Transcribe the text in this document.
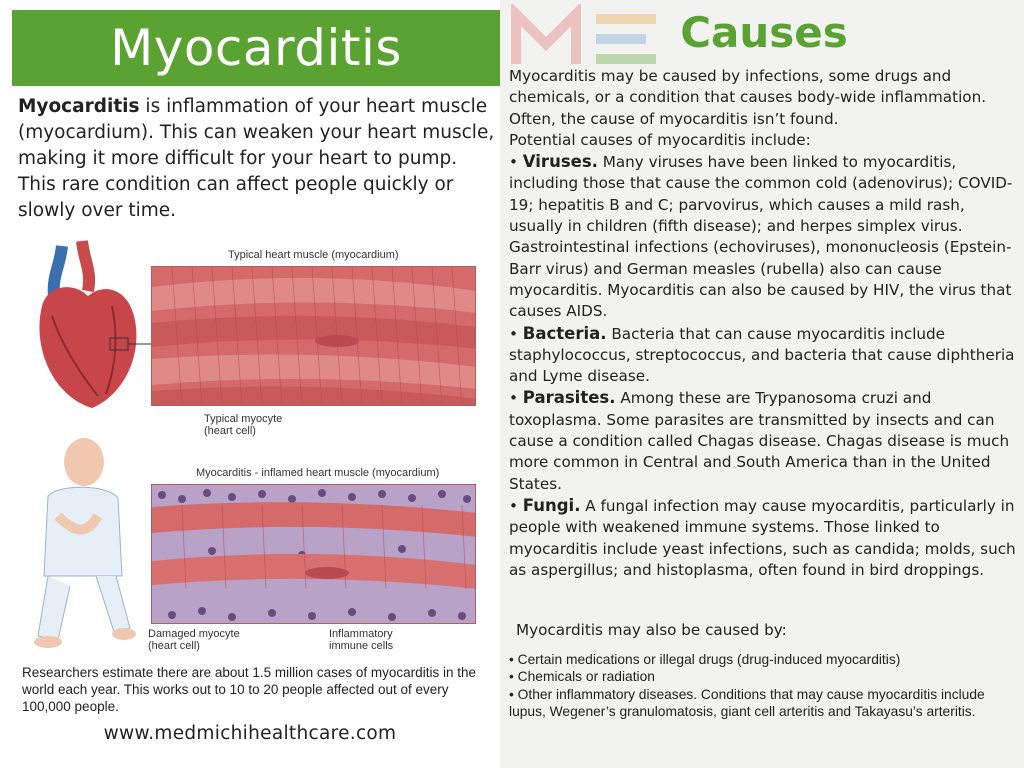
Myocarditis

Myocarditis is inflammation of your heart muscle (myocardium). This can weaken your heart muscle, making it more difficult for your heart to pump. This rare condition can affect people quickly or slowly over time.

Typical heart muscle (myocardium)
Typical myocyte
(heart cell)
Myocarditis - inflamed heart muscle (myocardium)
Damaged myocyte
(heart cell)
Inflammatory
immune cells

Researchers estimate there are about 1.5 million cases of myocarditis in the world each year. This works out to 10 to 20 people affected out of every 100,000 people.

www.medmichihealthcare.com
Causes
Myocarditis may be caused by infections, some drugs and chemicals, or a condition that causes body-wide inflammation. Often, the cause of myocarditis isn’t found.
Potential causes of myocarditis include:
• Viruses. Many viruses have been linked to myocarditis, including those that cause the common cold (adenovirus); COVID-19; hepatitis B and C; parvovirus, which causes a mild rash, usually in children (fifth disease); and herpes simplex virus. Gastrointestinal infections (echoviruses), mononucleosis (Epstein-Barr virus) and German measles (rubella) also can cause myocarditis. Myocarditis can also be caused by HIV, the virus that causes AIDS.
• Bacteria. Bacteria that can cause myocarditis include staphylococcus, streptococcus, and bacteria that cause diphtheria and Lyme disease.
• Parasites. Among these are Trypanosoma cruzi and toxoplasma. Some parasites are transmitted by insects and can cause a condition called Chagas disease. Chagas disease is much more common in Central and South America than in the United States.
• Fungi. A fungal infection may cause myocarditis, particularly in people with weakened immune systems. Those linked to myocarditis include yeast infections, such as candida; molds, such as aspergillus; and histoplasma, often found in bird droppings.
Myocarditis may also be caused by:
• Certain medications or illegal drugs (drug-induced myocarditis)
• Chemicals or radiation
• Other inflammatory diseases. Conditions that may cause myocarditis include lupus, Wegener’s granulomatosis, giant cell arteritis and Takayasu’s arteritis.
